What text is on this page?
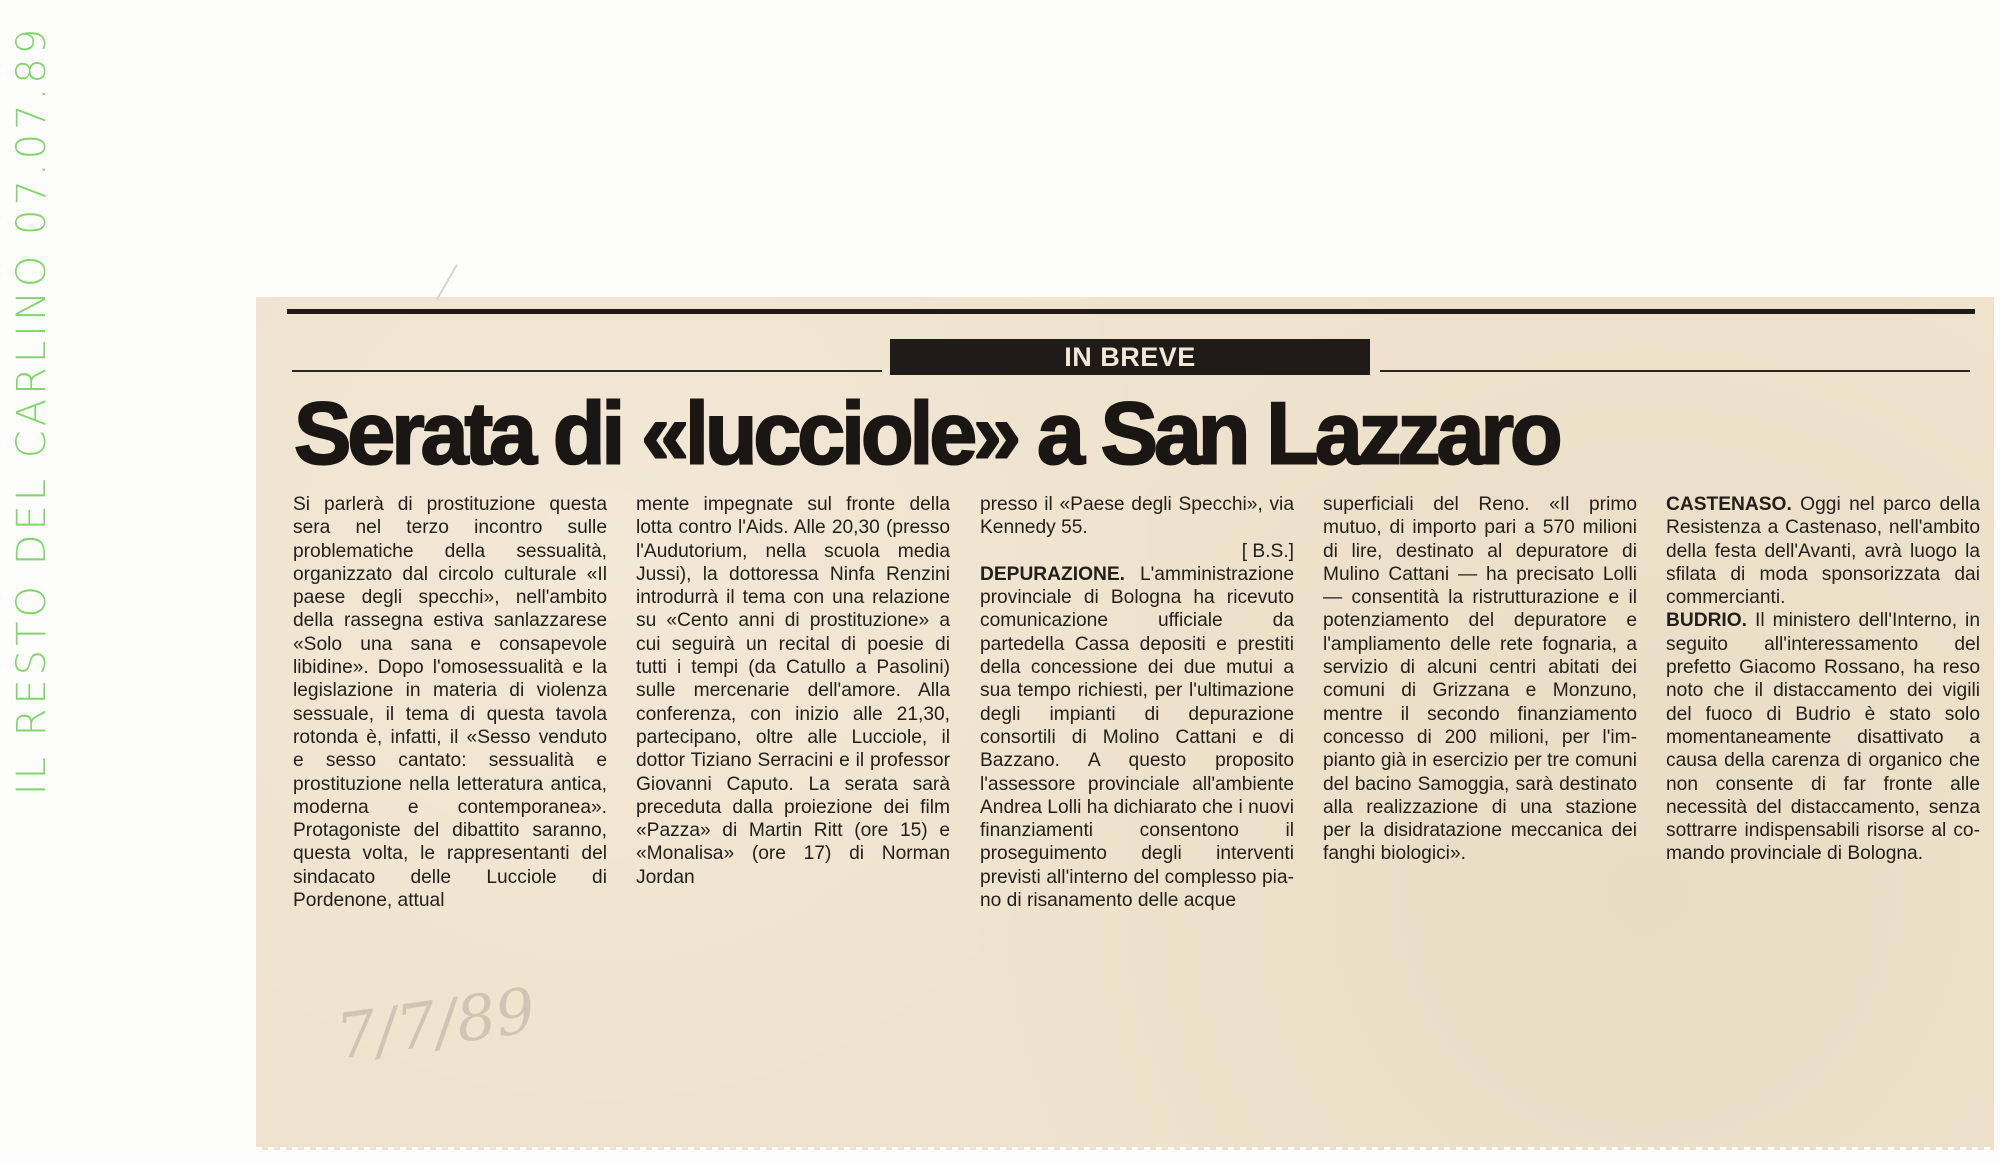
IL RESTO DEL CARLINO 07.07.89	IN BREVE
Serata di «lucciole» a San Lazzaro

Si parlerà di prostituzione questa sera nel terzo incontro sulle problematiche della sessualità, organizzato dal circolo culturale «Il paese degli specchi», nell'ambito della rassegna estiva sanlazzarese «Solo una sana e consapevole libidine». Dopo l'omosessualità e la legislazione in materia di violenza sessuale, il tema di questa tavola rotonda è, infatti, il «Sesso venduto e sesso cantato: sessualità e prostituzione nella letteratura antica, moderna e contemporanea». Protagoniste del dibattito saranno, questa volta, le rappresentanti del sindacato delle Lucciole di Pordenone, attual

mente impegnate sul fronte della lotta contro l'Aids. Alle 20,30 (presso l'Audutorium, nella scuola media Jussi), la dottoressa Ninfa Renzini introdurrà il tema con una relazione su «Cento anni di prostituzione» a cui seguirà un recital di poesie di tutti i tempi (da Catullo a Pasolini) sulle mercenarie dell'amore. Alla conferenza, con inizio alle 21,30, partecipano, oltre alle Lucciole, il dottor Tiziano Serracini e il professor Giovanni Caputo. La serata sarà preceduta dalla proiezione dei film «Pazza» di Martin Ritt (ore 15) e «Monalisa» (ore 17) di Norman Jordan

presso il «Paese degli Specchi», via Kennedy 55.

[ B.S.]

DEPURAZIONE. L'amministrazione provinciale di Bologna ha ricevuto comunicazione ufficiale da partedella Cassa depositi e prestiti della concessione dei due mutui a sua tempo richiesti, per l'ultimazione degli impianti di depurazione consortili di Molino Cattani e di Bazzano. A questo proposito l'assessore provinciale all'ambiente Andrea Lolli ha dichiarato che i nuovi finanziamenti consentono il proseguimento degli interventi previsti all'interno del complesso piano di risanamento delle acque

superficiali del Reno. «Il primo mutuo, di importo pari a 570 milioni di lire, destinato al depuratore di Mulino Cattani — ha precisato Lolli — consentità la ristrutturazione e il potenziamento del depuratore e l'ampliamento delle rete fognaria, a servizio di alcuni centri abitati dei comuni di Grizzana e Monzuno, mentre il secondo finanziamento concesso di 200 milioni, per l'impianto già in esercizio per tre comuni del bacino Samoggia, sarà destinato alla realizzazione di una stazione per la disidratazione meccanica dei fanghi biologici».

CASTENASO. Oggi nel parco della Resistenza a Castenaso, nell'ambito della festa dell'Avanti, avrà luogo la sfilata di moda sponsorizzata dai commercianti.

BUDRIO. Il ministero dell'Interno, in seguito all'interessamento del prefetto Giacomo Rossano, ha reso noto che il distaccamento dei vigili del fuoco di Budrio è stato solo momentaneamente disattivato a causa della carenza di organico che non consente di far fronte alle necessità del distaccamento, senza sottrarre indispensabili risorse al comando provinciale di Bologna.

7/7/89
